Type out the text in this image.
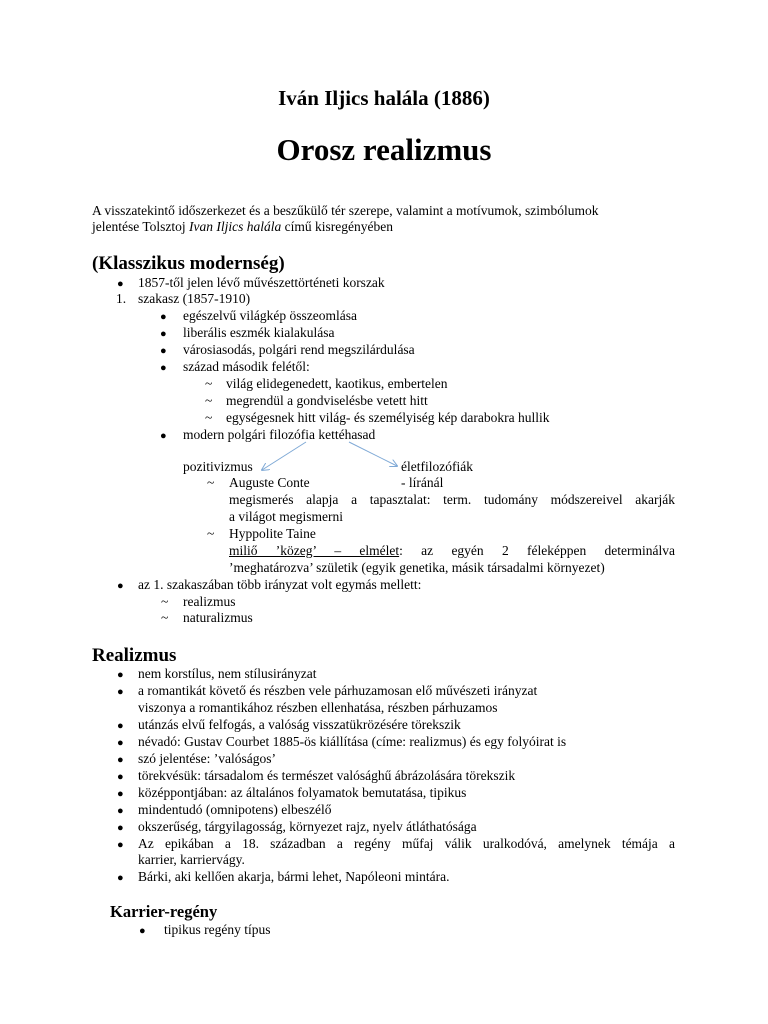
Iván Iljics halála (1886)
Orosz realizmus
A visszatekintő időszerkezet és a beszűkülő tér szerepe, valamint a motívumok, szimbólumok
jelentése Tolsztoj Ivan Iljics halála című kisregényében
(Klasszikus modernség)
● 1857-től jelen lévő művészettörténeti korszak
1. szakasz (1857-1910)
● egészelvű világkép összeomlása
● liberális eszmék kialakulása
● városiasodás, polgári rend megszilárdulása
● század második felétől:
~ világ elidegenedett, kaotikus, embertelen
~ megrendül a gondviselésbe vetett hitt
~ egységesnek hitt világ- és személyiség kép darabokra hullik
● modern polgári filozófia kettéhasad
pozitivizmus	életfilozófiák
~ Auguste Conte	- líránál
megismerés alapja a tapasztalat: term. tudomány módszereivel akarják
a világot megismerni
~ Hyppolite Taine
miliő ’közeg’ – elmélet: az egyén 2 féleképpen determinálva
’meghatározva’ születik (egyik genetika, másik társadalmi környezet)
● az 1. szakaszában több irányzat volt egymás mellett:
~ realizmus
~ naturalizmus
Realizmus
● nem korstílus, nem stílusirányzat
● a romantikát követő és részben vele párhuzamosan elő művészeti irányzat
viszonya a romantikához részben ellenhatása, részben párhuzamos
● utánzás elvű felfogás, a valóság visszatükrözésére törekszik
● névadó: Gustav Courbet 1885-ös kiállítása (címe: realizmus) és egy folyóirat is
● szó jelentése: ’valóságos’
● törekvésük: társadalom és természet valósághű ábrázolására törekszik
● középpontjában: az általános folyamatok bemutatása, tipikus
● mindentudó (omnipotens) elbeszélő
● okszerűség, tárgyilagosság, környezet rajz, nyelv átláthatósága
● Az epikában a 18. században a regény műfaj válik uralkodóvá, amelynek témája a
karrier, karriervágy.
● Bárki, aki kellően akarja, bármi lehet, Napóleoni mintára.
Karrier-regény
● tipikus regény típus
